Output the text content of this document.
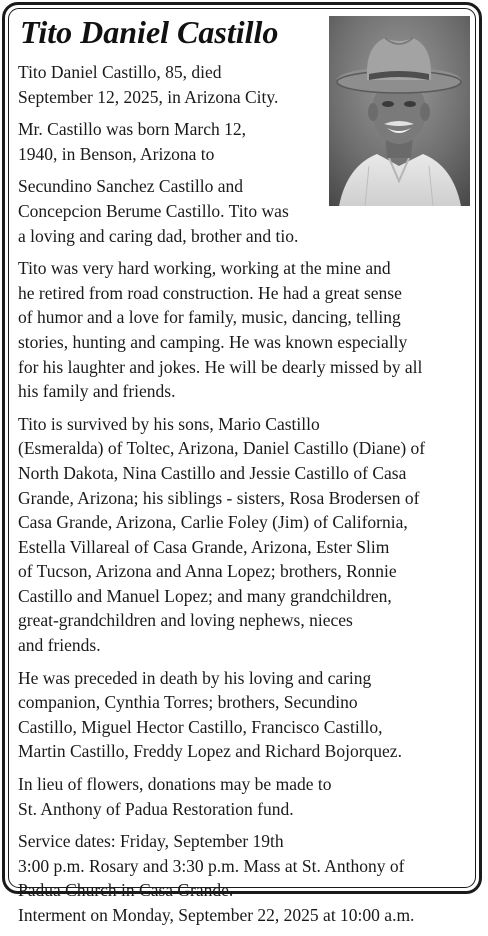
Tito Daniel Castillo

Tito Daniel Castillo, 85, died
September 12, 2025, in Arizona City.

Mr. Castillo was born March 12,
1940, in Benson, Arizona to

Secundino Sanchez Castillo and
Concepcion Berume Castillo. Tito was
a loving and caring dad, brother and tio.

Tito was very hard working, working at the mine and
he retired from road construction. He had a great sense
of humor and a love for family, music, dancing, telling
stories, hunting and camping. He was known especially
for his laughter and jokes. He will be dearly missed by all
his family and friends.

Tito is survived by his sons, Mario Castillo
(Esmeralda) of Toltec, Arizona, Daniel Castillo (Diane) of
North Dakota, Nina Castillo and Jessie Castillo of Casa
Grande, Arizona; his siblings - sisters, Rosa Brodersen of
Casa Grande, Arizona, Carlie Foley (Jim) of California,
Estella Villareal of Casa Grande, Arizona, Ester Slim
of Tucson, Arizona and Anna Lopez; brothers, Ronnie
Castillo and Manuel Lopez; and many grandchildren,
great-grandchildren and loving nephews, nieces
and friends.

He was preceded in death by his loving and caring
companion, Cynthia Torres; brothers, Secundino
Castillo, Miguel Hector Castillo, Francisco Castillo,
Martin Castillo, Freddy Lopez and Richard Bojorquez.

In lieu of flowers, donations may be made to
St. Anthony of Padua Restoration fund.

Service dates: Friday, September 19th
3:00 p.m. Rosary and 3:30 p.m. Mass at St. Anthony of
Padua Church in Casa Grande.
Interment on Monday, September 22, 2025 at 10:00 a.m.
